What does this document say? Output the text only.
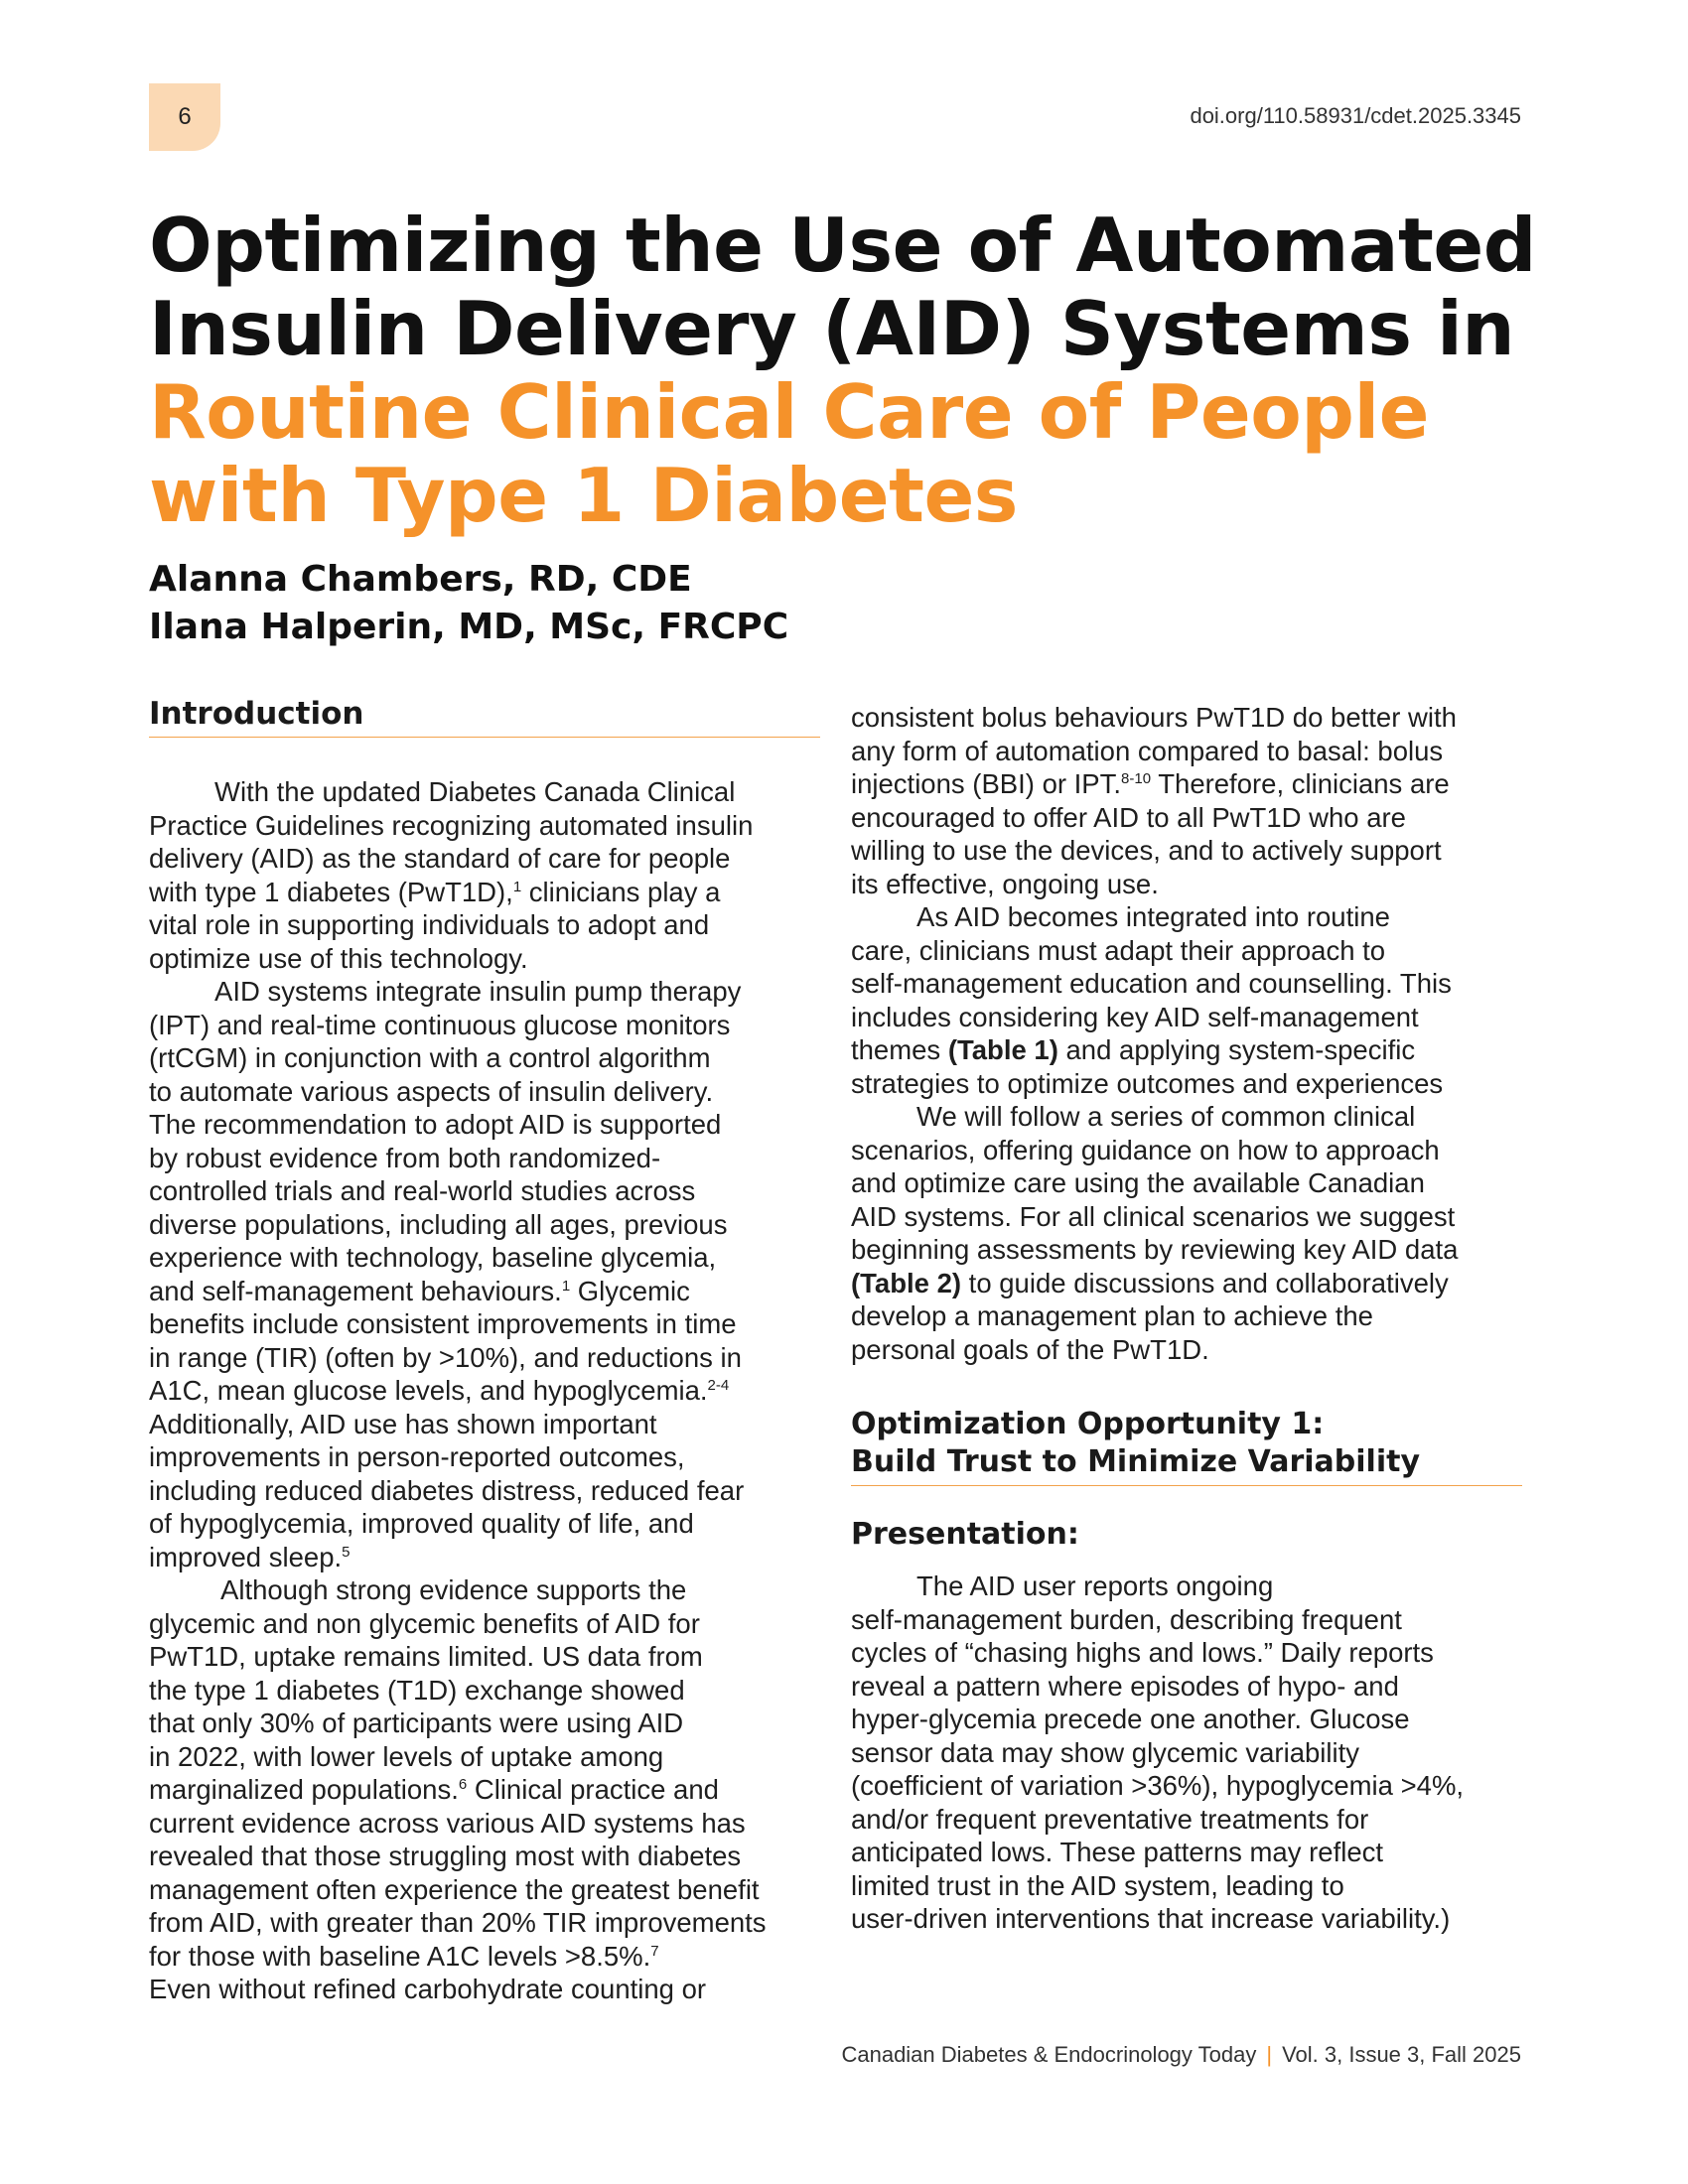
6	doi.org/110.58931/cdet.2025.3345
Optimizing the Use of Automated
Insulin Delivery (AID) Systems in
Routine Clinical Care of People
with Type 1 Diabetes
Alanna Chambers, RD, CDE
Ilana Halperin, MD, MSc, FRCPC
Introduction
With the updated Diabetes Canada Clinical
Practice Guidelines recognizing automated insulin
delivery (AID) as the standard of care for people
with type 1 diabetes (PwT1D),$^1$ clinicians play a
vital role in supporting individuals to adopt and
optimize use of this technology.
AID systems integrate insulin pump therapy
(IPT) and real-time continuous glucose monitors
(rtCGM) in conjunction with a control algorithm
to automate various aspects of insulin delivery.
The recommendation to adopt AID is supported
by robust evidence from both randomized-
controlled trials and real-world studies across
diverse populations, including all ages, previous
experience with technology, baseline glycemia,
and self-management behaviours.$^1$ Glycemic
benefits include consistent improvements in time
in range (TIR) (often by >10%), and reductions in
A1C, mean glucose levels, and hypoglycemia.$^{2-4}$
Additionally, AID use has shown important
improvements in person-reported outcomes,
including reduced diabetes distress, reduced fear
of hypoglycemia, improved quality of life, and
improved sleep.$^5$
Although strong evidence supports the
glycemic and non glycemic benefits of AID for
PwT1D, uptake remains limited. US data from
the type 1 diabetes (T1D) exchange showed
that only 30% of participants were using AID
in 2022, with lower levels of uptake among
marginalized populations.$^6$ Clinical practice and
current evidence across various AID systems has
revealed that those struggling most with diabetes
management often experience the greatest benefit
from AID, with greater than 20% TIR improvements
for those with baseline A1C levels >8.5%.$^7$
Even without refined carbohydrate counting or
consistent bolus behaviours PwT1D do better with
any form of automation compared to basal: bolus
injections (BBI) or IPT.$^{8-10}$ Therefore, clinicians are
encouraged to offer AID to all PwT1D who are
willing to use the devices, and to actively support
its effective, ongoing use.
As AID becomes integrated into routine
care, clinicians must adapt their approach to
self-management education and counselling. This
includes considering key AID self-management
themes (Table 1) and applying system-specific
strategies to optimize outcomes and experiences
We will follow a series of common clinical
scenarios, offering guidance on how to approach
and optimize care using the available Canadian
AID systems. For all clinical scenarios we suggest
beginning assessments by reviewing key AID data
(Table 2) to guide discussions and collaboratively
develop a management plan to achieve the
personal goals of the PwT1D.
Optimization Opportunity 1:
Build Trust to Minimize Variability
Presentation:
The AID user reports ongoing
self-management burden, describing frequent
cycles of “chasing highs and lows.” Daily reports
reveal a pattern where episodes of hypo- and
hyper-glycemia precede one another. Glucose
sensor data may show glycemic variability
(coefficient of variation >36%), hypoglycemia >4%,
and/or frequent preventative treatments for
anticipated lows. These patterns may reflect
limited trust in the AID system, leading to
user-driven interventions that increase variability.)
Canadian Diabetes & Endocrinology Today | Vol. 3, Issue 3, Fall 2025
